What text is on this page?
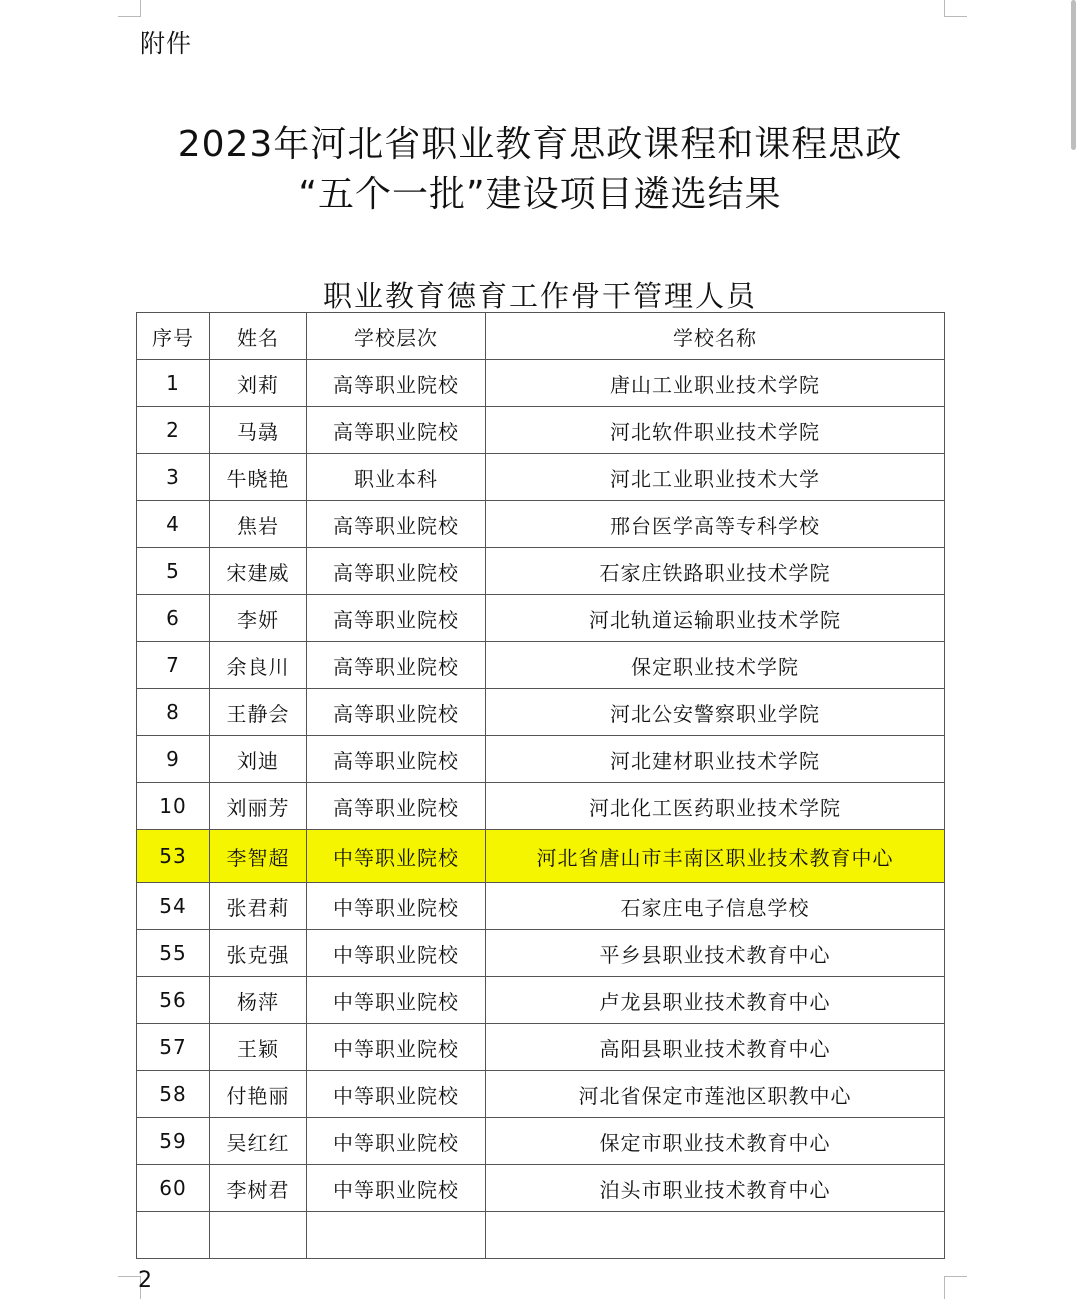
附件
2023年河北省职业教育思政课程和课程思政
“五个一批”建设项目遴选结果
职业教育德育工作骨干管理人员
序号	姓名	学校层次	学校名称
1	刘莉	高等职业院校	唐山工业职业技术学院
2	马骉	高等职业院校	河北软件职业技术学院
3	牛晓艳	职业本科	河北工业职业技术大学
4	焦岩	高等职业院校	邢台医学高等专科学校
5	宋建威	高等职业院校	石家庄铁路职业技术学院
6	李妍	高等职业院校	河北轨道运输职业技术学院
7	余良川	高等职业院校	保定职业技术学院
8	王静会	高等职业院校	河北公安警察职业学院
9	刘迪	高等职业院校	河北建材职业技术学院
10	刘丽芳	高等职业院校	河北化工医药职业技术学院
53	李智超	中等职业院校	河北省唐山市丰南区职业技术教育中心
54	张君莉	中等职业院校	石家庄电子信息学校
55	张克强	中等职业院校	平乡县职业技术教育中心
56	杨萍	中等职业院校	卢龙县职业技术教育中心
57	王颖	中等职业院校	高阳县职业技术教育中心
58	付艳丽	中等职业院校	河北省保定市莲池区职教中心
59	吴红红	中等职业院校	保定市职业技术教育中心
60	李树君	中等职业院校	泊头市职业技术教育中心

2
